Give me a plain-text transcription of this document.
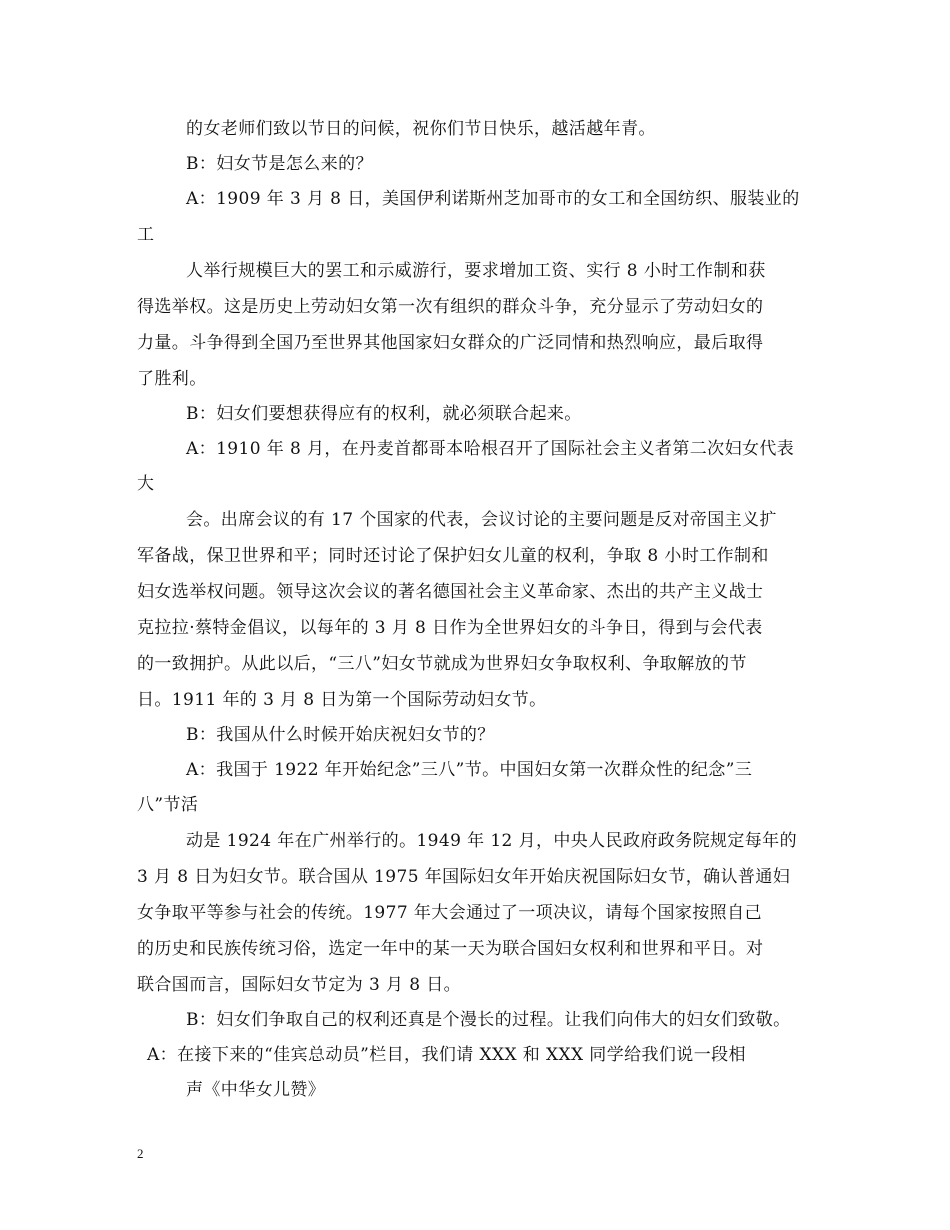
的女老师们致以节日的问候，祝你们节日快乐，越活越年青。
B：妇女节是怎么来的？
A：1909 年 3 月 8 日，美国伊利诺斯州芝加哥市的女工和全国纺织、服装业的
工
人举行规模巨大的罢工和示威游行，要求增加工资、实行 8 小时工作制和获
得选举权。这是历史上劳动妇女第一次有组织的群众斗争，充分显示了劳动妇女的
力量。斗争得到全国乃至世界其他国家妇女群众的广泛同情和热烈响应，最后取得
了胜利。
B：妇女们要想获得应有的权利，就必须联合起来。
A：1910 年 8 月，在丹麦首都哥本哈根召开了国际社会主义者第二次妇女代表
大
会。出席会议的有 17 个国家的代表，会议讨论的主要问题是反对帝国主义扩
军备战，保卫世界和平；同时还讨论了保护妇女儿童的权利，争取 8 小时工作制和
妇女选举权问题。领导这次会议的著名德国社会主义革命家、杰出的共产主义战士
克拉拉·蔡特金倡议，以每年的 3 月 8 日作为全世界妇女的斗争日，得到与会代表
的一致拥护。从此以后，“三八”妇女节就成为世界妇女争取权利、争取解放的节
日。1911 年的 3 月 8 日为第一个国际劳动妇女节。
B：我国从什么时候开始庆祝妇女节的？
A：我国于 1922 年开始纪念”三八”节。中国妇女第一次群众性的纪念”三
八”节活
动是 1924 年在广州举行的。1949 年 12 月，中央人民政府政务院规定每年的
3 月 8 日为妇女节。联合国从 1975 年国际妇女年开始庆祝国际妇女节，确认普通妇
女争取平等参与社会的传统。1977 年大会通过了一项决议，请每个国家按照自己
的历史和民族传统习俗，选定一年中的某一天为联合国妇女权利和世界和平日。对
联合国而言，国际妇女节定为 3 月 8 日。
B：妇女们争取自己的权利还真是个漫长的过程。让我们向伟大的妇女们致敬。
A：在接下来的“佳宾总动员”栏目，我们请 XXX 和 XXX 同学给我们说一段相
声《中华女儿赞》
2
